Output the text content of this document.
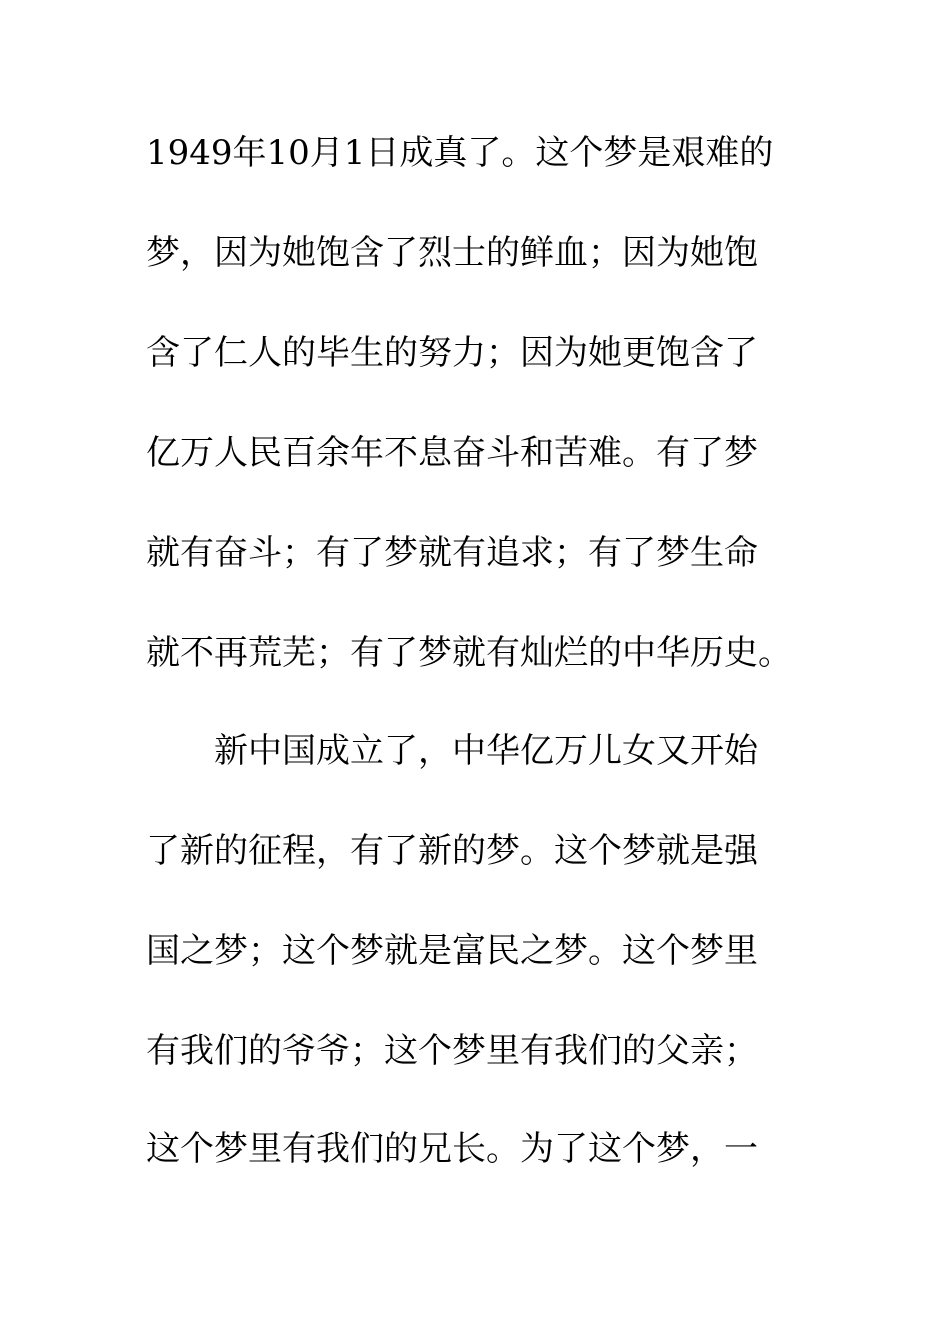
1949年10月1日成真了。这个梦是艰难的
梦，因为她饱含了烈士的鲜血；因为她饱
含了仁人的毕生的努力；因为她更饱含了
亿万人民百余年不息奋斗和苦难。有了梦
就有奋斗；有了梦就有追求；有了梦生命
就不再荒芜；有了梦就有灿烂的中华历史。
新中国成立了，中华亿万儿女又开始
了新的征程，有了新的梦。这个梦就是强
国之梦；这个梦就是富民之梦。这个梦里
有我们的爷爷；这个梦里有我们的父亲；
这个梦里有我们的兄长。为了这个梦，一
